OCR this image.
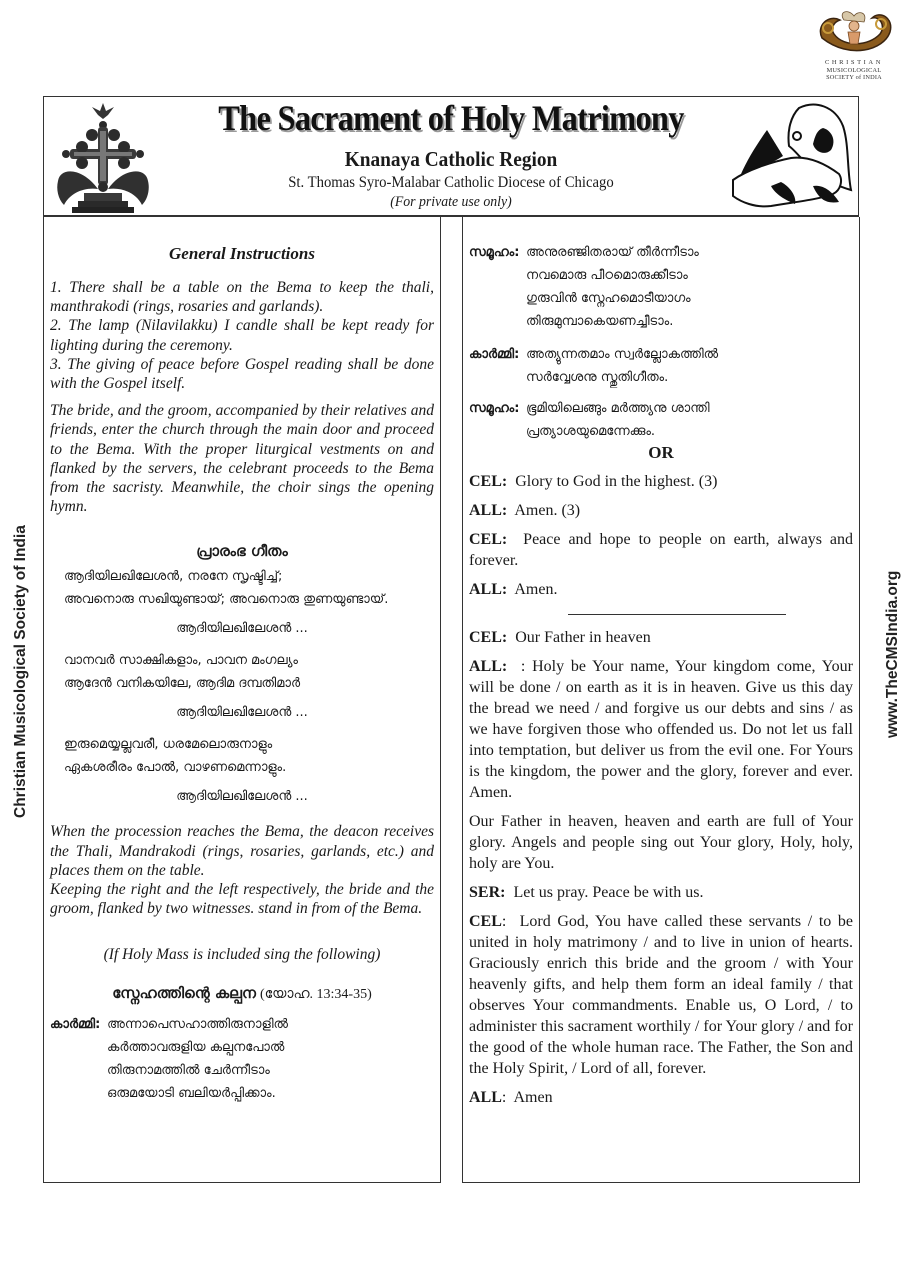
CHRISTIAN
MUSICOLOGICAL
SOCIETY of INDIA
The Sacrament of Holy Matrimony
Knanaya Catholic Region
St. Thomas Syro-Malabar Catholic Diocese of Chicago
(For private use only)
Christian Musicological Society of India	www.TheCMSIndia.org
General Instructions

1. There shall be a table on the Bema to keep the thali, manthrakodi (rings, rosaries and garlands).
2. The lamp (Nilavilakku) I candle shall be kept ready for lighting during the ceremony.
3. The giving of peace before Gospel reading shall be done with the Gospel itself.

The bride, and the groom, accompanied by their relatives and friends, enter the church through the main door and proceed to the Bema. With the proper liturgical vestments on and flanked by the servers, the celebrant proceeds to the Bema from the sacristy. Meanwhile, the choir sings the opening hymn.

പ്രാരംഭ ഗീതം
ആദിയിലഖിലേശൻ, നരനേ സൃഷ്ടിച്ച്;
അവനൊരു സഖിയുണ്ടായ്; അവനൊരു തുണയുണ്ടായ്.
ആദിയിലഖിലേശൻ ...
വാനവർ സാക്ഷികളാം, പാവന മംഗല്യം
ആദേൻ വനികയിലേ, ആദിമ ദമ്പതിമാർ
ആദിയിലഖിലേശൻ ...
ഇരുമെയ്യല്ലവരീ, ധരമേലൊരുനാളും
ഏകശരീരം പോൽ, വാഴണമെന്നാളും.
ആദിയിലഖിലേശൻ ...

When the procession reaches the Bema, the deacon receives the Thali, Mandrakodi (rings, rosaries, garlands, etc.) and places them on the table.
Keeping the right and the left respectively, the bride and the groom, flanked by two witnesses. stand in from of the Bema.

(If Holy Mass is included sing the following)
സ്നേഹത്തിന്റെ കല്പന (യോഹ. 13:34-35)
കാർമ്മി: അന്നാപെസഹാത്തിരുനാളിൽ
കർത്താവരുളിയ കല്പനപോൽ
തിരുനാമത്തിൽ ചേർന്നീടാം
ഒരുമയോടി ബലിയർപ്പിക്കാം.
സമൂഹം: അനുരഞ്ജിതരായ് തീർന്നീടാം
നവമൊരു പീഠമൊരുക്കീടാം
ഗുരുവിൻ സ്നേഹമൊടീയാഗം
തിരുമുമ്പാകെയണച്ചീടാം.
കാർമ്മി: അത്യുന്നതമാം സ്വർല്ലോകത്തിൽ
സർവ്വേശനു സ്തുതിഗീതം.
സമൂഹം: ഭൂമിയിലെങ്ങും മർത്ത്യനു ശാന്തി
പ്രത്യാശയുമെന്നേക്കും.
OR

CEL: Glory to God in the highest. (3)

ALL: Amen. (3)

CEL: Peace and hope to people on earth, always and forever.

ALL: Amen.

CEL: Our Father in heaven

ALL: : Holy be Your name, Your kingdom come, Your will be done / on earth as it is in heaven. Give us this day the bread we need / and forgive us our debts and sins / as we have forgiven those who offended us. Do not let us fall into temptation, but deliver us from the evil one. For Yours is the kingdom, the power and the glory, forever and ever. Amen.

Our Father in heaven, heaven and earth are full of Your glory. Angels and people sing out Your glory, Holy, holy, holy are You.

SER: Let us pray. Peace be with us.

CEL:  Lord God, You have called these servants / to be united in holy matrimony / and to live in union of hearts. Graciously enrich this bride and the groom / with Your heavenly gifts, and help them form an ideal family / that observes Your commandments. Enable us, O Lord, / to administer this sacrament worthily / for Your glory / and for the good of the whole human race. The Father, the Son and the Holy Spirit, / Lord of all, forever.

ALL:  Amen
